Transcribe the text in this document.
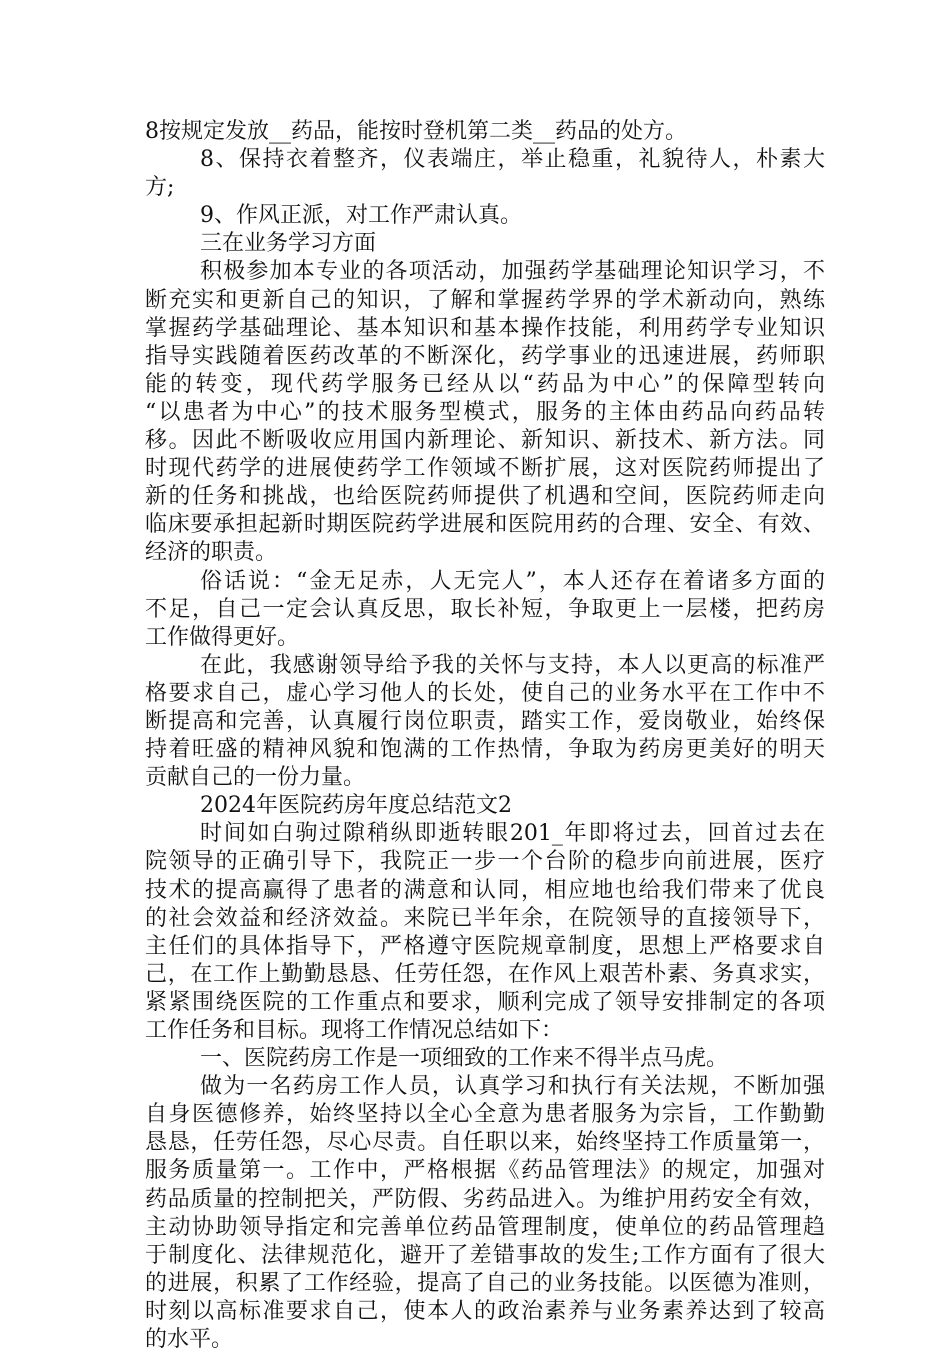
8按规定发放__药品，能按时登机第二类__药品的处方。
8、保持衣着整齐，仪表端庄，举止稳重，礼貌待人，朴素大
方;
9、作风正派，对工作严肃认真。
三在业务学习方面
积极参加本专业的各项活动，加强药学基础理论知识学习，不
断充实和更新自己的知识，了解和掌握药学界的学术新动向，熟练
掌握药学基础理论、基本知识和基本操作技能，利用药学专业知识
指导实践随着医药改革的不断深化，药学事业的迅速进展，药师职
能的转变，现代药学服务已经从以“药品为中心”的保障型转向
“以患者为中心”的技术服务型模式，服务的主体由药品向药品转
移。因此不断吸收应用国内新理论、新知识、新技术、新方法。同
时现代药学的进展使药学工作领域不断扩展，这对医院药师提出了
新的任务和挑战，也给医院药师提供了机遇和空间，医院药师走向
临床要承担起新时期医院药学进展和医院用药的合理、安全、有效、
经济的职责。
俗话说：“金无足赤，人无完人”，本人还存在着诸多方面的
不足，自己一定会认真反思，取长补短，争取更上一层楼，把药房
工作做得更好。
在此，我感谢领导给予我的关怀与支持，本人以更高的标准严
格要求自己，虚心学习他人的长处，使自己的业务水平在工作中不
断提高和完善，认真履行岗位职责，踏实工作，爱岗敬业，始终保
持着旺盛的精神风貌和饱满的工作热情，争取为药房更美好的明天
贡献自己的一份力量。
2024年医院药房年度总结范文2
时间如白驹过隙稍纵即逝转眼201_年即将过去，回首过去在
院领导的正确引导下，我院正一步一个台阶的稳步向前进展，医疗
技术的提高赢得了患者的满意和认同，相应地也给我们带来了优良
的社会效益和经济效益。来院已半年余，在院领导的直接领导下，
主任们的具体指导下，严格遵守医院规章制度，思想上严格要求自
己，在工作上勤勤恳恳、任劳任怨，在作风上艰苦朴素、务真求实，
紧紧围绕医院的工作重点和要求，顺利完成了领导安排制定的各项
工作任务和目标。现将工作情况总结如下：
一、医院药房工作是一项细致的工作来不得半点马虎。
做为一名药房工作人员，认真学习和执行有关法规，不断加强
自身医德修养，始终坚持以全心全意为患者服务为宗旨，工作勤勤
恳恳，任劳任怨，尽心尽责。自任职以来，始终坚持工作质量第一，
服务质量第一。工作中，严格根据《药品管理法》的规定，加强对
药品质量的控制把关，严防假、劣药品进入。为维护用药安全有效，
主动协助领导指定和完善单位药品管理制度，使单位的药品管理趋
于制度化、法律规范化，避开了差错事故的发生;工作方面有了很大
的进展，积累了工作经验，提高了自己的业务技能。以医德为准则，
时刻以高标准要求自己，使本人的政治素养与业务素养达到了较高
的水平。
